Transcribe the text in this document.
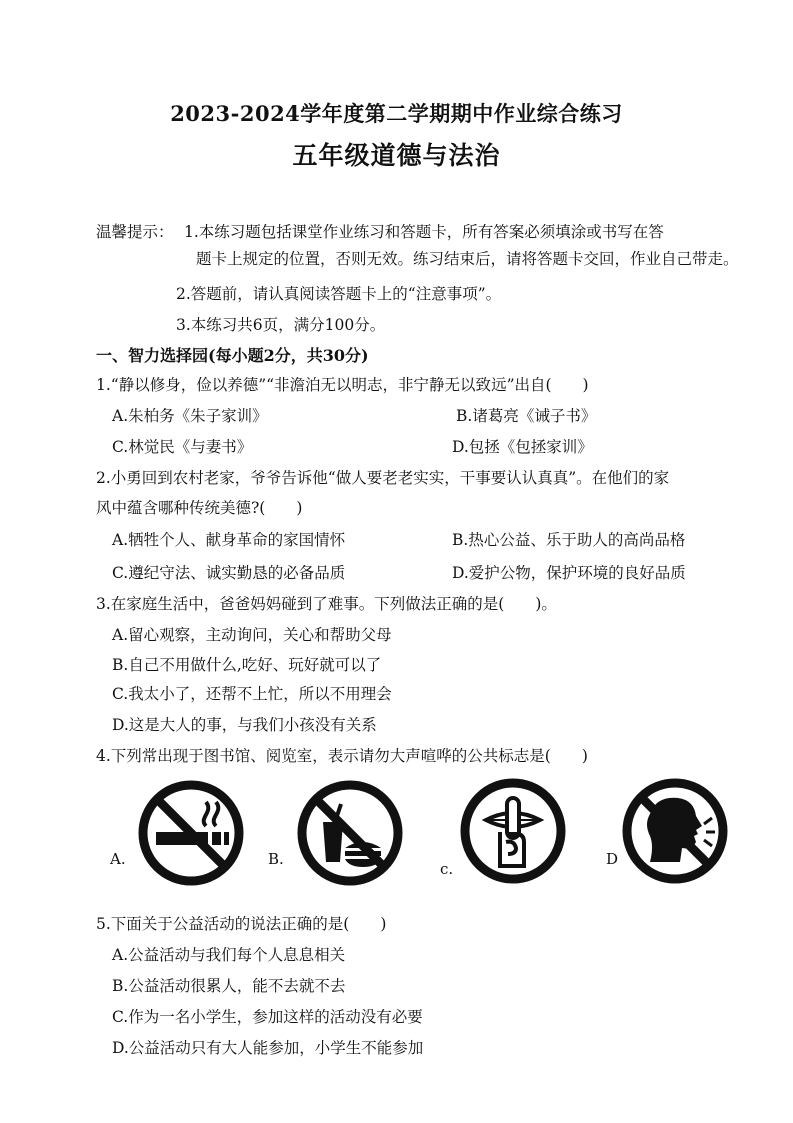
2023-2024学年度第二学期期中作业综合练习
五年级道德与法治
温馨提示： 1.本练习题包括课堂作业练习和答题卡，所有答案必须填涂或书写在答
题卡上规定的位置，否则无效。练习结束后，请将答题卡交回，作业自己带走。
2.答题前，请认真阅读答题卡上的“注意事项”。
3.本练习共6页，满分100分。
一、智力选择园(每小题2分，共30分)
1.“静以修身，俭以养德”“非澹泊无以明志，非宁静无以致远”出自(　　)
A.朱柏务《朱子家训》	B.诸葛亮《诫子书》
C.林觉民《与妻书》	D.包拯《包拯家训》
2.小勇回到农村老家，爷爷告诉他“做人要老老实实，干事要认认真真”。在他们的家
风中蕴含哪种传统美德?(　　)
A.牺牲个人、献身革命的家国情怀	B.热心公益、乐于助人的高尚品格
C.遵纪守法、诚实勤恳的必备品质	D.爱护公物，保护环境的良好品质
3.在家庭生活中，爸爸妈妈碰到了难事。下列做法正确的是(　　)。
A.留心观察，主动询问，关心和帮助父母
B.自己不用做什么,吃好、玩好就可以了
C.我太小了，还帮不上忙，所以不用理会
D.这是大人的事，与我们小孩没有关系
4.下列常出现于图书馆、阅览室，表示请勿大声喧哗的公共标志是(　　)
A.	B.
c.
D
5.下面关于公益活动的说法正确的是(　　)
A.公益活动与我们每个人息息相关
B.公益活动很累人，能不去就不去
C.作为一名小学生，参加这样的活动没有必要
D.公益活动只有大人能参加，小学生不能参加
